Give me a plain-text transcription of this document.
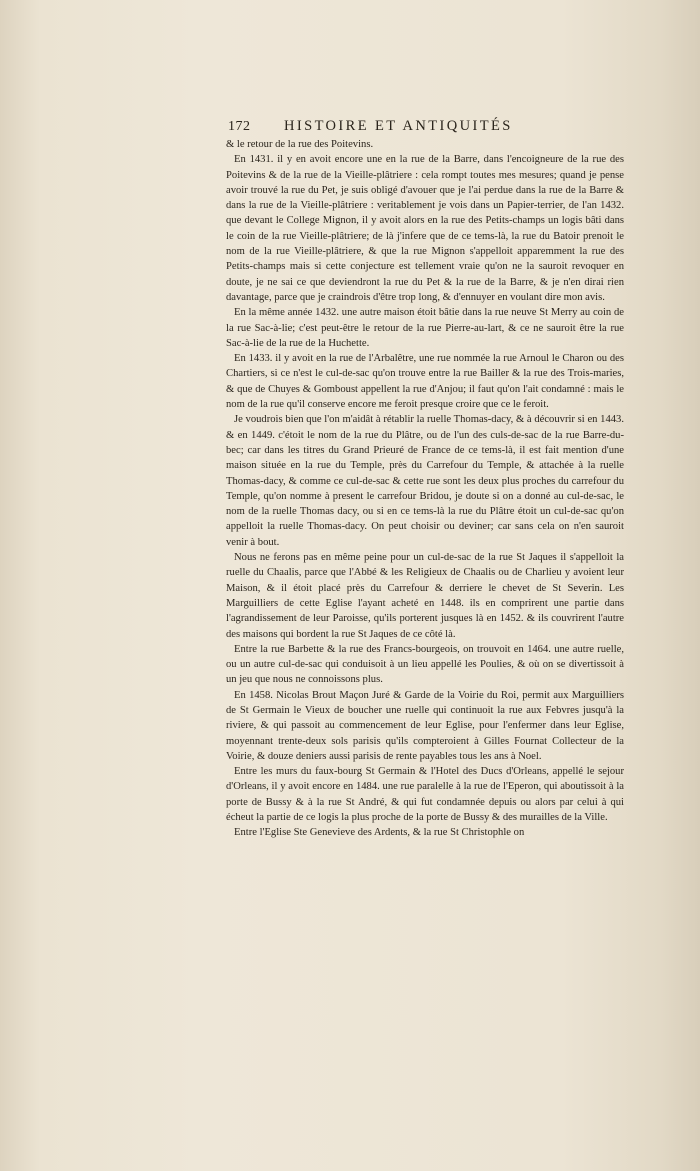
172 HISTOIRE ET ANTIQUITÉS

& le retour de la rue des Poitevins.

En 1431. il y en avoit encore une en la rue de la Barre, dans l'encoigneure de la rue des Poitevins & de la rue de la Vieille-plâtriere : cela rompt toutes mes mesures; quand je pense avoir trouvé la rue du Pet, je suis obligé d'avouer que je l'ai perdue dans la rue de la Barre & dans la rue de la Vieille-plâtriere : veritablement je vois dans un Papier-terrier, de l'an 1432. que devant le College Mignon, il y avoit alors en la rue des Petits-champs un logis bâti dans le coin de la rue Vieille-plâtriere; de là j'infere que de ce tems-là, la rue du Batoir prenoit le nom de la rue Vieille-plâtriere, & que la rue Mignon s'appelloit apparemment la rue des Petits-champs mais si cette conjecture est tellement vraie qu'on ne la sauroit revoquer en doute, je ne sai ce que deviendront la rue du Pet & la rue de la Barre, & je n'en dirai rien davantage, parce que je craindrois d'être trop long, & d'ennuyer en voulant dire mon avis.

En la même année 1432. une autre maison étoit bâtie dans la rue neuve St Merry au coin de la rue Sac-à-lie; c'est peut-être le retour de la rue Pierre-au-lart, & ce ne sauroit être la rue Sac-à-lie de la rue de la Huchette.

En 1433. il y avoit en la rue de l'Arbalêtre, une rue nommée la rue Arnoul le Charon ou des Chartiers, si ce n'est le cul-de-sac qu'on trouve entre la rue Bailler & la rue des Trois-maries, & que de Chuyes & Gomboust appellent la rue d'Anjou; il faut qu'on l'ait condamné : mais le nom de la rue qu'il conserve encore me feroit presque croire que ce le feroit.

Je voudrois bien que l'on m'aidât à rétablir la ruelle Thomas-dacy, & à découvrir si en 1443. & en 1449. c'étoit le nom de la rue du Plâtre, ou de l'un des culs-de-sac de la rue Barre-du-bec; car dans les titres du Grand Prieuré de France de ce tems-là, il est fait mention d'une maison située en la rue du Temple, près du Carrefour du Temple, & attachée à la ruelle Thomas-dacy, & comme ce cul-de-sac & cette rue sont les deux plus proches du carrefour du Temple, qu'on nomme à present le carrefour Bridou, je doute si on a donné au cul-de-sac, le nom de la ruelle Thomas dacy, ou si en ce tems-là la rue du Plâtre étoit un cul-de-sac qu'on appelloit la ruelle Thomas-dacy. On peut choisir ou deviner; car sans cela on n'en sauroit venir à bout.

Nous ne ferons pas en même peine pour un cul-de-sac de la rue St Jaques il s'appelloit la ruelle du Chaalis, parce que l'Abbé & les Religieux de Chaalis ou de Charlieu y avoient leur Maison, & il étoit placé près du Carrefour & derriere le chevet de St Severin. Les Marguilliers de cette Eglise l'ayant acheté en 1448. ils en comprirent une partie dans l'agrandissement de leur Paroisse, qu'ils porterent jusques là en 1452. & ils couvrirent l'autre des maisons qui bordent la rue St Jaques de ce côté là.

Entre la rue Barbette & la rue des Francs-bourgeois, on trouvoit en 1464. une autre ruelle, ou un autre cul-de-sac qui conduisoit à un lieu appellé les Poulies, & où on se divertissoit à un jeu que nous ne connoissons plus.

En 1458. Nicolas Brout Maçon Juré & Garde de la Voirie du Roi, permit aux Marguilliers de St Germain le Vieux de boucher une ruelle qui continuoit la rue aux Febvres jusqu'à la riviere, & qui passoit au commencement de leur Eglise, pour l'enfermer dans leur Eglise, moyennant trente-deux sols parisis qu'ils compteroient à Gilles Fournat Collecteur de la Voirie, & douze deniers aussi parisis de rente payables tous les ans à Noel.

Entre les murs du faux-bourg St Germain & l'Hotel des Ducs d'Orleans, appellé le sejour d'Orleans, il y avoit encore en 1484. une rue paralelle à la rue de l'Eperon, qui aboutissoit à la porte de Bussy & à la rue St André, & qui fut condamnée depuis ou alors par celui à qui écheut la partie de ce logis la plus proche de la porte de Bussy & des murailles de la Ville.

Entre l'Eglise Ste Genevieve des Ardents, & la rue St Christophle on
